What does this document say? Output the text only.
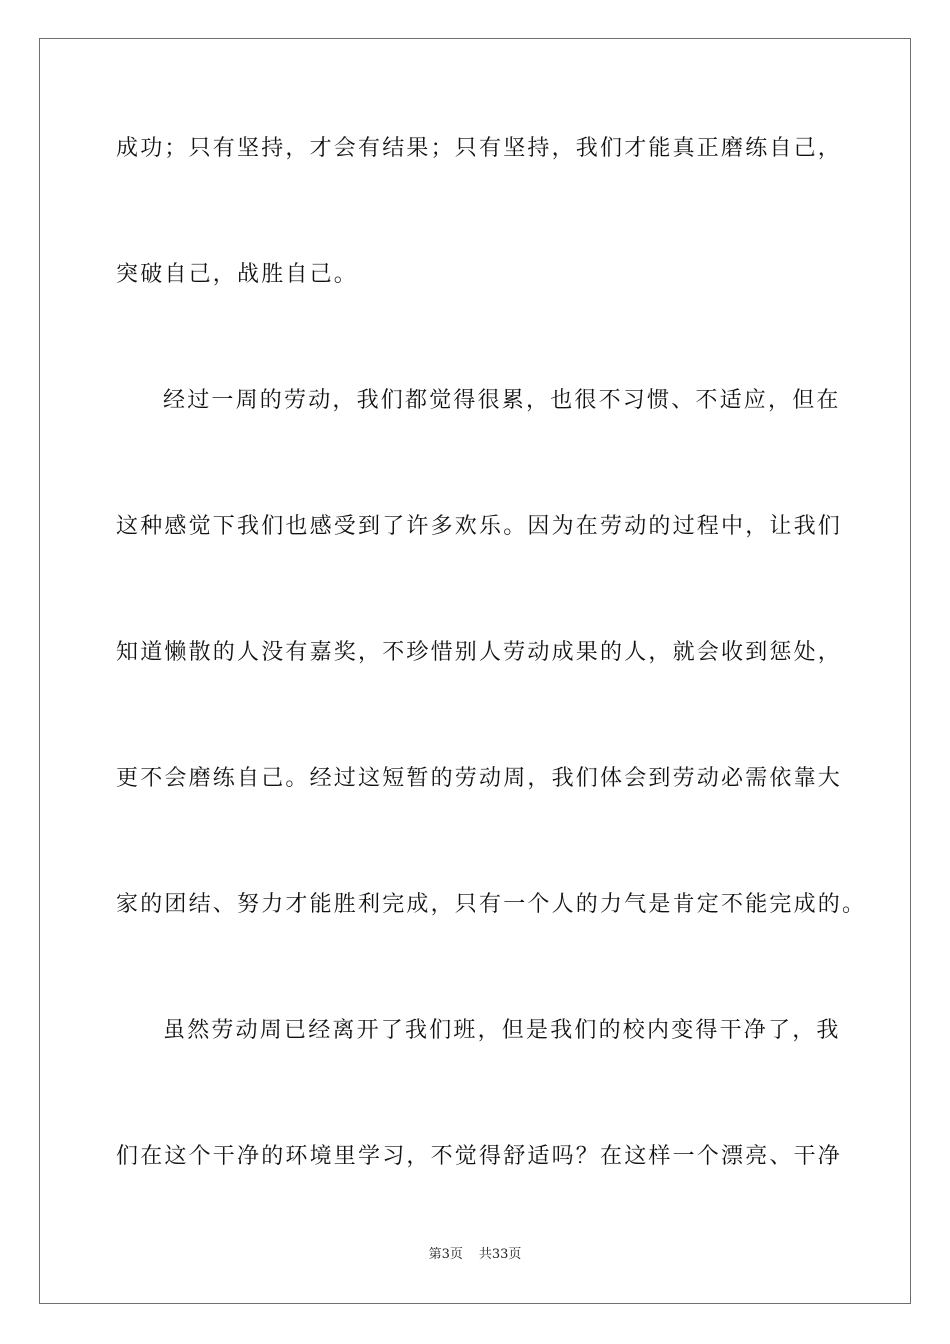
成功；只有坚持，才会有结果；只有坚持，我们才能真正磨练自己，
突破自己，战胜自己。
经过一周的劳动，我们都觉得很累，也很不习惯、不适应，但在
这种感觉下我们也感受到了许多欢乐。因为在劳动的过程中，让我们
知道懒散的人没有嘉奖，不珍惜别人劳动成果的人，就会收到惩处，
更不会磨练自己。经过这短暂的劳动周，我们体会到劳动必需依靠大
家的团结、努力才能胜利完成，只有一个人的力气是肯定不能完成的。
虽然劳动周已经离开了我们班，但是我们的校内变得干净了，我
们在这个干净的环境里学习，不觉得舒适吗？在这样一个漂亮、干净
第3页 共33页
